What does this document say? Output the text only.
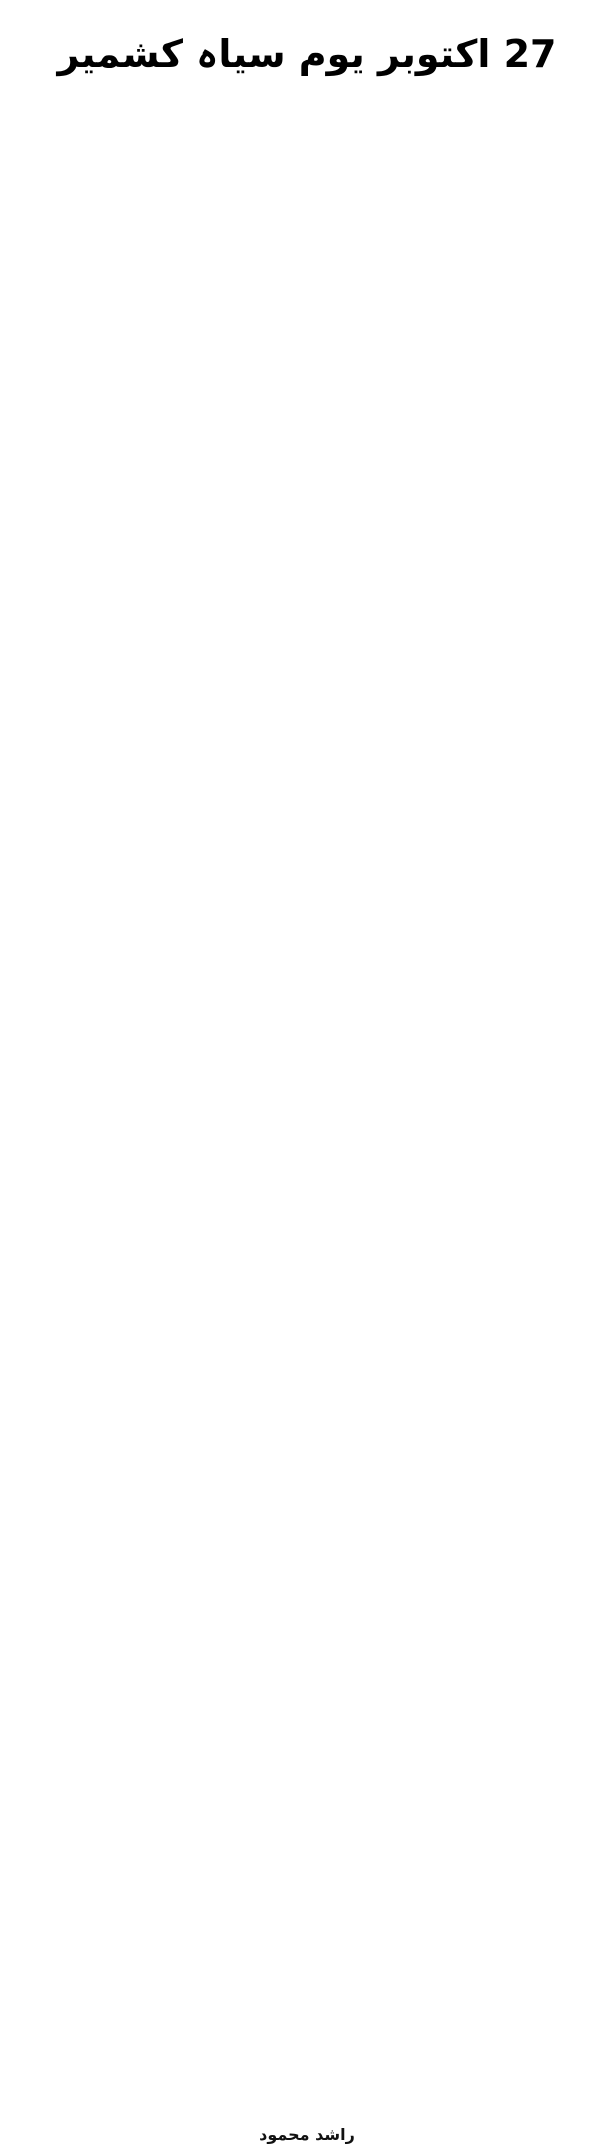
27 اکتوبر یوم سیاہ کشمیر
راشد محمود
